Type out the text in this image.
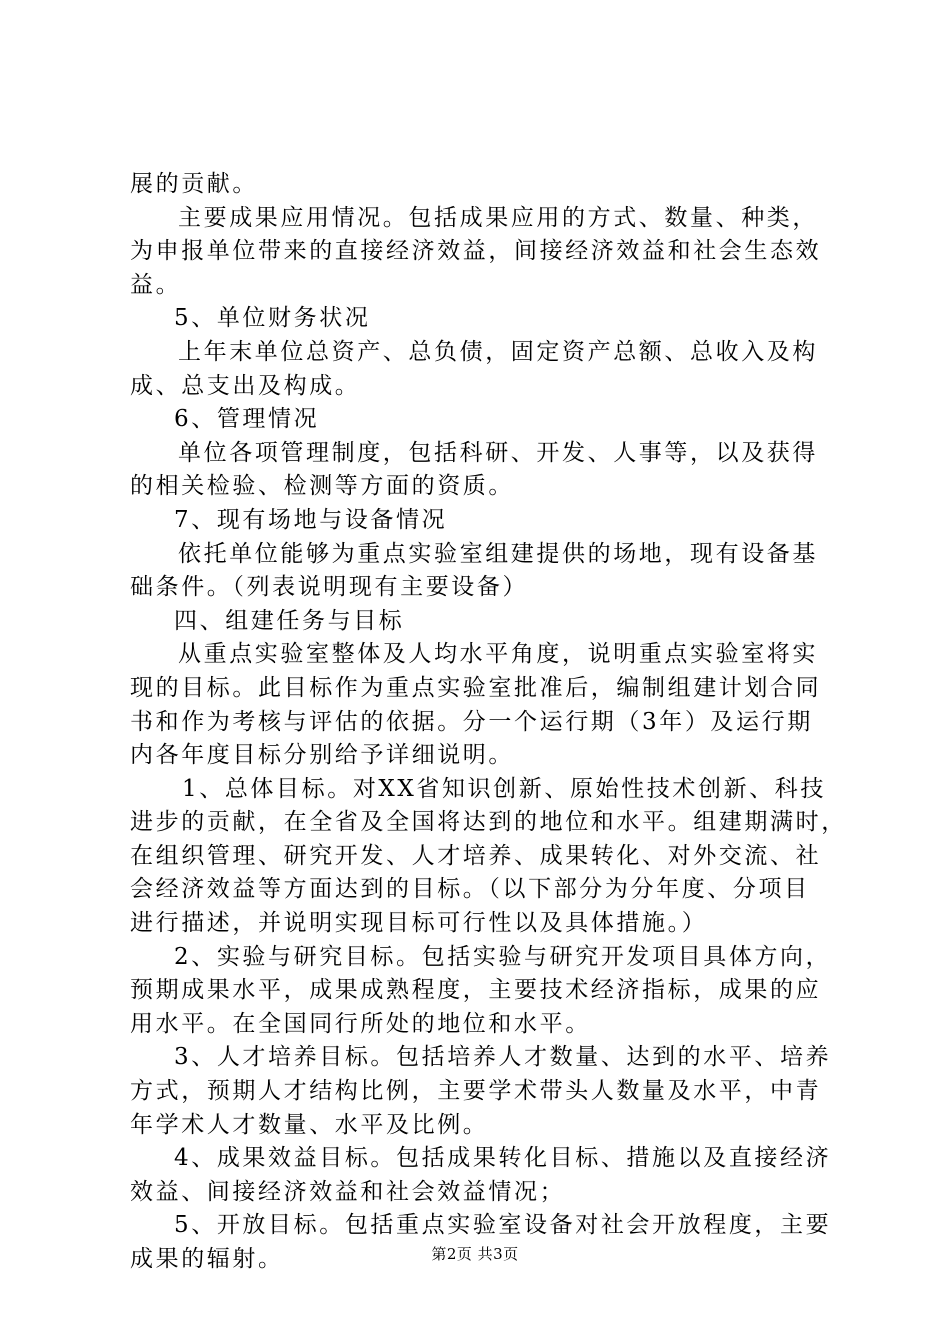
展的贡献。
主要成果应用情况。包括成果应用的方式、数量、种类，
为申报单位带来的直接经济效益，间接经济效益和社会生态效
益。
5、单位财务状况
上年末单位总资产、总负债，固定资产总额、总收入及构
成、总支出及构成。
6、管理情况
单位各项管理制度，包括科研、开发、人事等，以及获得
的相关检验、检测等方面的资质。
7、现有场地与设备情况
依托单位能够为重点实验室组建提供的场地，现有设备基
础条件。（列表说明现有主要设备）
四、组建任务与目标
从重点实验室整体及人均水平角度，说明重点实验室将实
现的目标。此目标作为重点实验室批准后，编制组建计划合同
书和作为考核与评估的依据。分一个运行期（3年）及运行期
内各年度目标分别给予详细说明。
1、总体目标。对XX省知识创新、原始性技术创新、科技
进步的贡献，在全省及全国将达到的地位和水平。组建期满时，
在组织管理、研究开发、人才培养、成果转化、对外交流、社
会经济效益等方面达到的目标。（以下部分为分年度、分项目
进行描述，并说明实现目标可行性以及具体措施。）
2、实验与研究目标。包括实验与研究开发项目具体方向，
预期成果水平，成果成熟程度，主要技术经济指标，成果的应
用水平。在全国同行所处的地位和水平。
3、人才培养目标。包括培养人才数量、达到的水平、培养
方式，预期人才结构比例，主要学术带头人数量及水平，中青
年学术人才数量、水平及比例。
4、成果效益目标。包括成果转化目标、措施以及直接经济
效益、间接经济效益和社会效益情况；
5、开放目标。包括重点实验室设备对社会开放程度，主要
成果的辐射。	第2页 共3页
